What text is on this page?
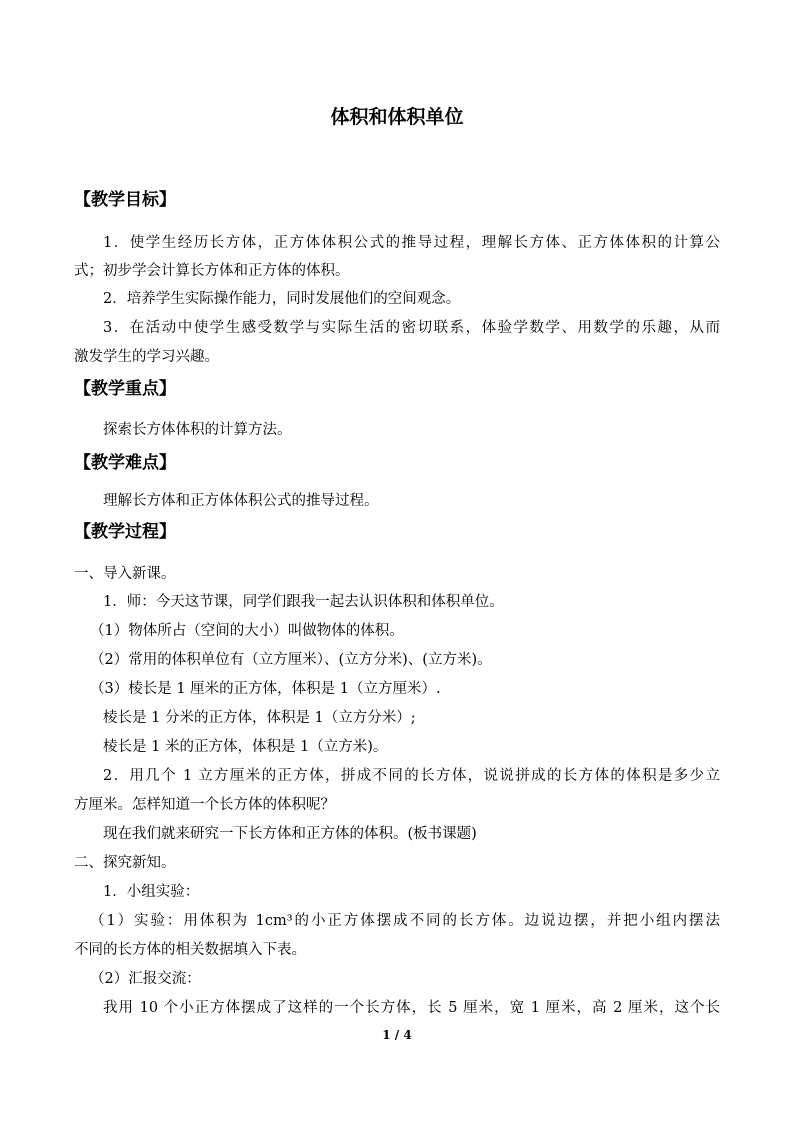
体积和体积单位
【教学目标】
1．使学生经历长方体，正方体体积公式的推导过程，理解长方体、正方体体积的计算公
式；初步学会计算长方体和正方体的体积。
2．培养学生实际操作能力，同时发展他们的空间观念。
3．在活动中使学生感受数学与实际生活的密切联系，体验学数学、用数学的乐趣，从而
激发学生的学习兴趣。
【教学重点】
探索长方体体积的计算方法。
【教学难点】
理解长方体和正方体体积公式的推导过程。
【教学过程】
一、导入新课。
1．师：今天这节课，同学们跟我一起去认识体积和体积单位。
（1）物体所占（空间的大小）叫做物体的体积。
（2）常用的体积单位有（立方厘米）、(立方分米)、(立方米)。
（3）棱长是 1 厘米的正方体，体积是 1（立方厘米）.
棱长是 1 分米的正方体，体积是 1（立方分米）;
棱长是 1 米的正方体，体积是 1（立方米)。
2．用几个 1 立方厘米的正方体，拼成不同的长方体，说说拼成的长方体的体积是多少立
方厘米。怎样知道一个长方体的体积呢？
现在我们就来研究一下长方体和正方体的体积。(板书课题)
二、探究新知。
1．小组实验：
（1）实验：用体积为 1cm³的小正方体摆成不同的长方体。边说边摆，并把小组内摆法
不同的长方体的相关数据填入下表。
（2）汇报交流：
我用 10 个小正方体摆成了这样的一个长方体，长 5 厘米，宽 1 厘米，高 2 厘米，这个长
1 / 4
